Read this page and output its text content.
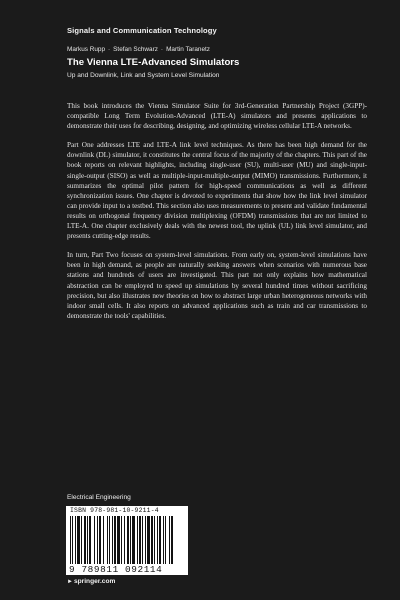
Signals and Communication Technology
Markus Rupp · Stefan Schwarz · Martin Taranetz
The Vienna LTE-Advanced Simulators
Up and Downlink, Link and System Level Simulation

This book introduces the Vienna Simulator Suite for 3rd-Generation Partnership Project (3GPP)-compatible Long Term Evolution-Advanced (LTE-A) simulators and presents applications to demonstrate their uses for describing, designing, and optimizing wireless cellular LTE-A networks.

Part One addresses LTE and LTE-A link level techniques. As there has been high demand for the downlink (DL) simulator, it constitutes the central focus of the majority of the chapters. This part of the book reports on relevant highlights, including single-user (SU), multi-user (MU) and single-input-single-output (SISO) as well as multiple-input-multiple-output (MIMO) transmissions. Furthermore, it summarizes the optimal pilot pattern for high-speed communications as well as different synchronization issues. One chapter is devoted to experiments that show how the link level simulator can provide input to a testbed. This section also uses measurements to present and validate fundamental results on orthogonal frequency division multiplexing (OFDM) transmissions that are not limited to LTE-A. One chapter exclusively deals with the newest tool, the uplink (UL) link level simulator, and presents cutting-edge results.

In turn, Part Two focuses on system-level simulations. From early on, system-level simulations have been in high demand, as people are naturally seeking answers when scenarios with numerous base stations and hundreds of users are investigated. This part not only explains how mathematical abstraction can be employed to speed up simulations by several hundred times without sacrificing precision, but also illustrates new theories on how to abstract large urban heterogeneous networks with indoor small cells. It also reports on advanced applications such as train and car transmissions to demonstrate the tools' capabilities.

Electrical Engineering
ISBN 978-981-10-9211-4
9 789811 092114
►springer.com
